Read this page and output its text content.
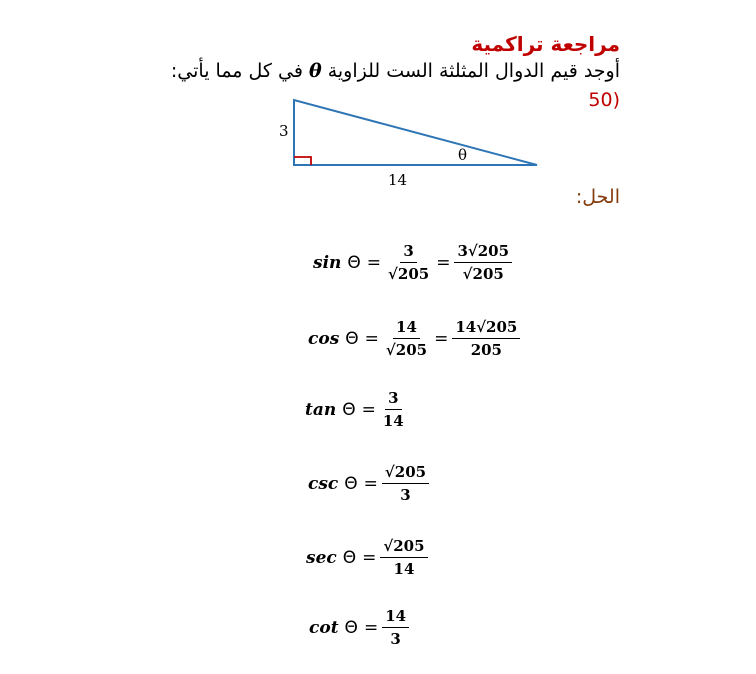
مراجعة تراكمية
أوجد قيم الدوال المثلثة الست للزاوية θ في كل مما يأتي:
50)
3
14
θ
الحل:
$\sin \Theta = \frac{3}{√205} = \frac{3√205}{√205}$
$\cos \Theta = \frac{14}{√205} = \frac{14√205}{205}$
$\tan \Theta = \frac{3}{14}$
$\csc \Theta = \frac{√205}{3}$
$\sec \Theta = \frac{√205}{14}$
$\cot \Theta = \frac{14}{3}$
